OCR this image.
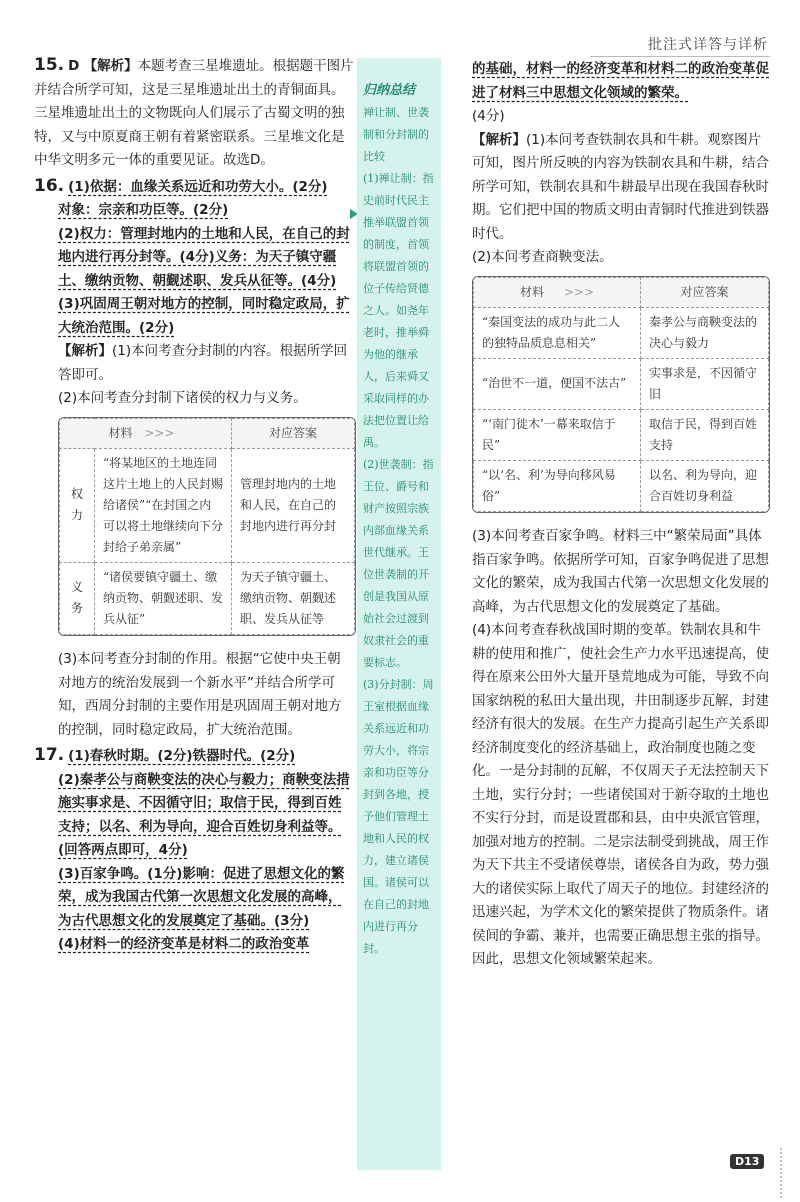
批注式详答与详析

15. D 【解析】本题考查三星堆遗址。根据题干图片并结合所学可知，这是三星堆遗址出土的青铜面具。三星堆遗址出土的文物既向人们展示了古蜀文明的独特，又与中原夏商王朝有着紧密联系。三星堆文化是中华文明多元一体的重要见证。故选D。

16. (1)依据：血缘关系远近和功劳大小。(2分)

对象：宗亲和功臣等。(2分)

(2)权力：管理封地内的土地和人民，在自己的封地内进行再分封等。(4分)义务：为天子镇守疆土、缴纳贡物、朝觐述职、发兵从征等。(4分)

(3)巩固周王朝对地方的控制，同时稳定政局，扩大统治范围。(2分)

【解析】(1)本问考查分封制的内容。根据所学回答即可。

(2)本问考查分封制下诸侯的权力与义务。

材料 >>>		对应答案
权力	“将某地区的土地连同这片土地上的人民封赐给诸侯”“在封国之内可以将土地继续向下分封给子弟亲属”	管理封地内的土地和人民，在自己的封地内进行再分封
义务	“诸侯要镇守疆土、缴纳贡物、朝觐述职、发兵从征”	为天子镇守疆土、缴纳贡物、朝觐述职、发兵从征等

(3)本问考查分封制的作用。根据“它使中央王朝对地方的统治发展到一个新水平”并结合所学可知，西周分封制的主要作用是巩固周王朝对地方的控制，同时稳定政局，扩大统治范围。

17. (1)春秋时期。(2分)铁器时代。(2分)

(2)秦孝公与商鞅变法的决心与毅力；商鞅变法措施实事求是、不因循守旧；取信于民，得到百姓支持；以名、利为导向，迎合百姓切身利益等。(回答两点即可，4分)

(3)百家争鸣。(1分)影响：促进了思想文化的繁荣，成为我国古代第一次思想文化发展的高峰，为古代思想文化的发展奠定了基础。(3分)

(4)材料一的经济变革是材料二的政治变革

归纳总结

禅让制、世袭制和分封制的比较

(1)禅让制：指史前时代民主推举联盟首领的制度，首领将联盟首领的位子传给贤德之人。如尧年老时，推举舜为他的继承人，后来舜又采取同样的办法把位置让给禹。

(2)世袭制：指王位、爵号和财产按照宗族内部血缘关系世代继承。王位世袭制的开创是我国从原始社会过渡到奴隶社会的重要标志。

(3)分封制：周王室根据血缘关系远近和功劳大小，将宗亲和功臣等分封到各地，授予他们管理土地和人民的权力，建立诸侯国。诸侯可以在自己的封地内进行再分封。

的基础，材料一的经济变革和材料二的政治变革促进了材料三中思想文化领域的繁荣。

(4分)

【解析】(1)本问考查铁制农具和牛耕。观察图片可知，图片所反映的内容为铁制农具和牛耕，结合所学可知，铁制农具和牛耕最早出现在我国春秋时期。它们把中国的物质文明由青铜时代推进到铁器时代。

(2)本问考查商鞅变法。

材料 >>>	对应答案
“秦国变法的成功与此二人的独特品质息息相关”	秦孝公与商鞅变法的决心与毅力
“治世不一道，便国不法古”	实事求是，不因循守旧
“‘南门徙木’一幕来取信于民”	取信于民，得到百姓支持
“以‘名、利’为导向移风易俗”	以名、利为导向，迎合百姓切身利益

(3)本问考查百家争鸣。材料三中“繁荣局面”具体指百家争鸣。依据所学可知，百家争鸣促进了思想文化的繁荣，成为我国古代第一次思想文化发展的高峰，为古代思想文化的发展奠定了基础。

(4)本问考查春秋战国时期的变革。铁制农具和牛耕的使用和推广，使社会生产力水平迅速提高，使得在原来公田外大量开垦荒地成为可能，导致不向国家纳税的私田大量出现，井田制逐步瓦解，封建经济有很大的发展。在生产力提高引起生产关系即经济制度变化的经济基础上，政治制度也随之变化。一是分封制的瓦解，不仅周天子无法控制天下土地，实行分封；一些诸侯国对于新夺取的土地也不实行分封，而是设置郡和县，由中央派官管理，加强对地方的控制。二是宗法制受到挑战，周王作为天下共主不受诸侯尊崇，诸侯各自为政，势力强大的诸侯实际上取代了周天子的地位。封建经济的迅速兴起，为学术文化的繁荣提供了物质条件。诸侯间的争霸、兼并，也需要正确思想主张的指导。因此，思想文化领域繁荣起来。

D13
